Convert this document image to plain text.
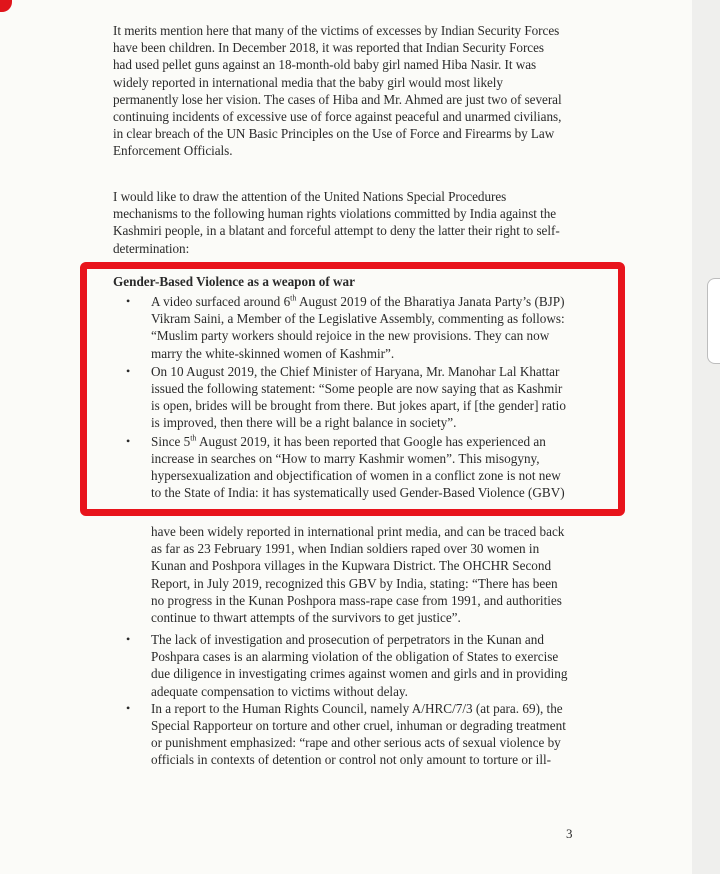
It merits mention here that many of the victims of excesses by Indian Security Forces

have been children. In December 2018, it was reported that Indian Security Forces

had used pellet guns against an 18-month-old baby girl named Hiba Nasir. It was

widely reported in international media that the baby girl would most likely

permanently lose her vision. The cases of Hiba and Mr. Ahmed are just two of several

continuing incidents of excessive use of force against peaceful and unarmed civilians,

in clear breach of the UN Basic Principles on the Use of Force and Firearms by Law

Enforcement Officials.

I would like to draw the attention of the United Nations Special Procedures

mechanisms to the following human rights violations committed by India against the

Kashmiri people, in a blatant and forceful attempt to deny the latter their right to self-

determination:

Gender-Based Violence as a weapon of war
• A video surfaced around 6th August 2019 of the Bharatiya Janata Party’s (BJP)
Vikram Saini, a Member of the Legislative Assembly, commenting as follows:
“Muslim party workers should rejoice in the new provisions. They can now
marry the white-skinned women of Kashmir”.
• On 10 August 2019, the Chief Minister of Haryana, Mr. Manohar Lal Khattar
issued the following statement: “Some people are now saying that as Kashmir
is open, brides will be brought from there. But jokes apart, if [the gender] ratio
is improved, then there will be a right balance in society”.
• Since 5th August 2019, it has been reported that Google has experienced an
increase in searches on “How to marry Kashmir women”. This misogyny,
hypersexualization and objectification of women in a conflict zone is not new
to the State of India: it has systematically used Gender-Based Violence (GBV)
have been widely reported in international print media, and can be traced back
as far as 23 February 1991, when Indian soldiers raped over 30 women in
Kunan and Poshpora villages in the Kupwara District. The OHCHR Second
Report, in July 2019, recognized this GBV by India, stating: “There has been
no progress in the Kunan Poshpora mass-rape case from 1991, and authorities
continue to thwart attempts of the survivors to get justice”.
• The lack of investigation and prosecution of perpetrators in the Kunan and
Poshpara cases is an alarming violation of the obligation of States to exercise
due diligence in investigating crimes against women and girls and in providing
adequate compensation to victims without delay.
• In a report to the Human Rights Council, namely A/HRC/7/3 (at para. 69), the
Special Rapporteur on torture and other cruel, inhuman or degrading treatment
or punishment emphasized: “rape and other serious acts of sexual violence by
officials in contexts of detention or control not only amount to torture or ill-
3
